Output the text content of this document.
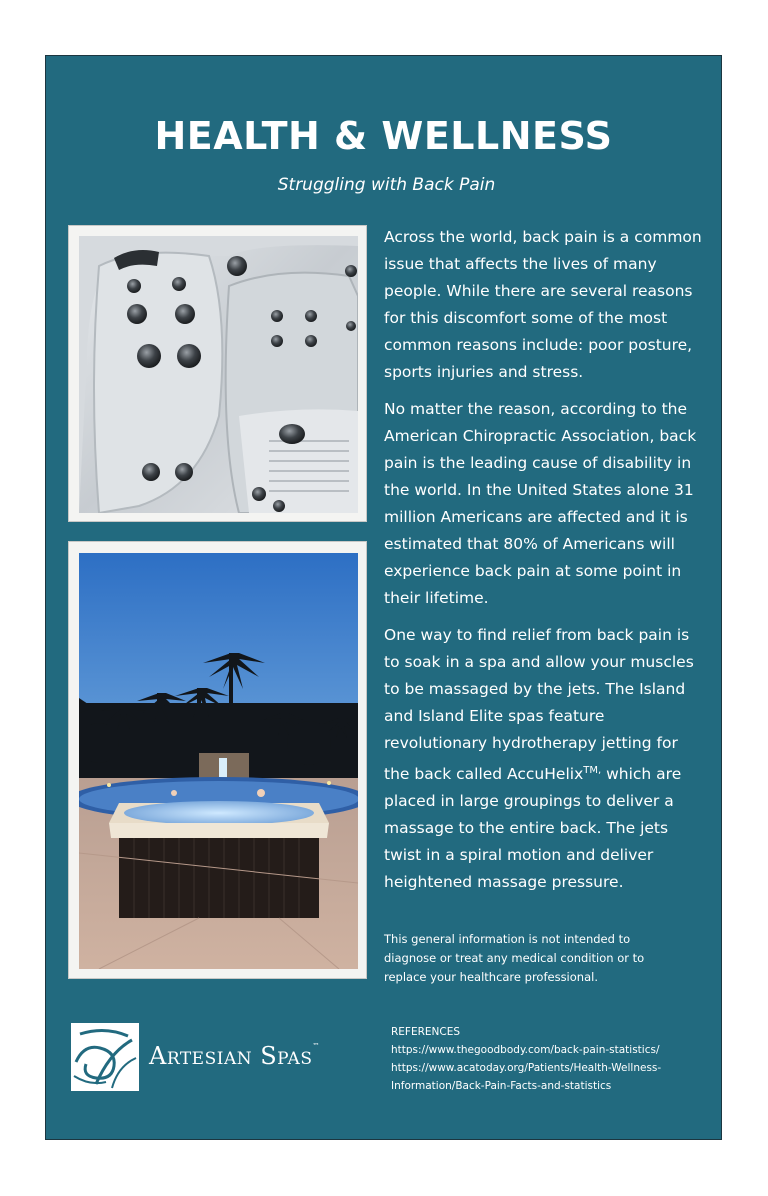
HEALTH & WELLNESS
Struggling with Back Pain

Across the world, back pain is a common issue that affects the lives of many people. While there are several reasons for this discomfort some of the most common reasons include: poor posture, sports injuries and stress.

No matter the reason, according to the American Chiropractic Association, back pain is the leading cause of disability in the world. In the United States alone 31 million Americans are affected and it is estimated that 80% of Americans will experience back pain at some point in their lifetime.

One way to find relief from back pain is to soak in a spa and allow your muscles to be massaged by the jets. The Island and Island Elite spas feature revolutionary hydrotherapy jetting for the back called AccuHelix$^{TM,}$ which are placed in large groupings to deliver a massage to the entire back. The jets twist in a spiral motion and deliver heightened massage pressure.

This general information is not intended to diagnose or treat any medical condition or to replace your healthcare professional.

Artesian Spas™
REFERENCES
https://www.thegoodbody.com/back-pain-statistics/
https://www.acatoday.org/Patients/Health-Wellness-
Information/Back-Pain-Facts-and-statistics
